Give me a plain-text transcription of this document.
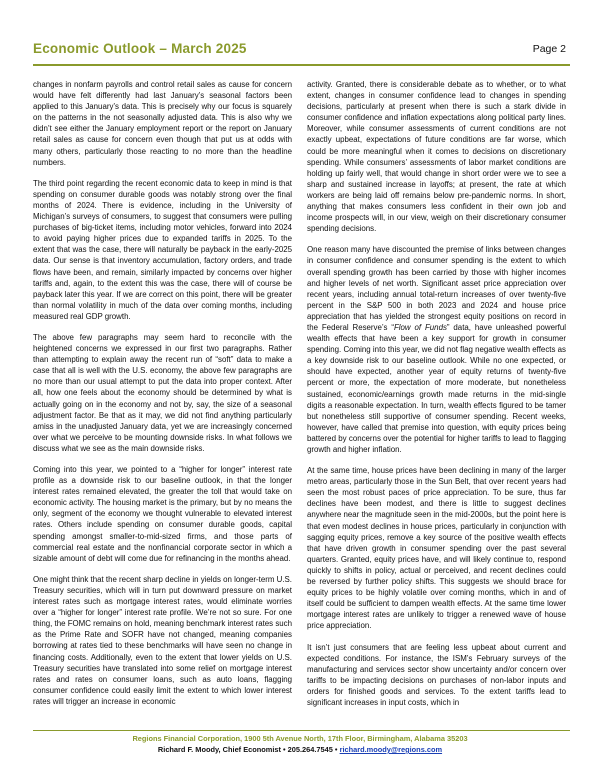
Economic Outlook – March 2025	Page 2

changes in nonfarm payrolls and control retail sales as cause for concern would have felt differently had last January’s seasonal factors been applied to this January’s data. This is precisely why our focus is squarely on the patterns in the not seasonally adjusted data. This is also why we didn’t see either the January employment report or the report on January retail sales as cause for concern even though that put us at odds with many others, particularly those reacting to no more than the headline numbers.

The third point regarding the recent economic data to keep in mind is that spending on consumer durable goods was notably strong over the final months of 2024. There is evidence, including in the University of Michigan’s surveys of consumers, to suggest that consumers were pulling purchases of big-ticket items, including motor vehicles, forward into 2024 to avoid paying higher prices due to expanded tariffs in 2025. To the extent that was the case, there will naturally be payback in the early-2025 data. Our sense is that inventory accumulation, factory orders, and trade flows have been, and remain, similarly impacted by concerns over higher tariffs and, again, to the extent this was the case, there will of course be payback later this year. If we are correct on this point, there will be greater than normal volatility in much of the data over coming months, including measured real GDP growth.

The above few paragraphs may seem hard to reconcile with the heightened concerns we expressed in our first two paragraphs. Rather than attempting to explain away the recent run of “soft” data to make a case that all is well with the U.S. economy, the above few paragraphs are no more than our usual attempt to put the data into proper context. After all, how one feels about the economy should be determined by what is actually going on in the economy and not by, say, the size of a seasonal adjustment factor. Be that as it may, we did not find anything particularly amiss in the unadjusted January data, yet we are increasingly concerned over what we perceive to be mounting downside risks. In what follows we discuss what we see as the main downside risks.

Coming into this year, we pointed to a “higher for longer” interest rate profile as a downside risk to our baseline outlook, in that the longer interest rates remained elevated, the greater the toll that would take on economic activity. The housing market is the primary, but by no means the only, segment of the economy we thought vulnerable to elevated interest rates. Others include spending on consumer durable goods, capital spending amongst smaller-to-mid-sized firms, and those parts of commercial real estate and the nonfinancial corporate sector in which a sizable amount of debt will come due for refinancing in the months ahead.

One might think that the recent sharp decline in yields on longer-term U.S. Treasury securities, which will in turn put downward pressure on market interest rates such as mortgage interest rates, would eliminate worries over a “higher for longer” interest rate profile. We’re not so sure. For one thing, the FOMC remains on hold, meaning benchmark interest rates such as the Prime Rate and SOFR have not changed, meaning companies borrowing at rates tied to these benchmarks will have seen no change in financing costs. Additionally, even to the extent that lower yields on U.S. Treasury securities have translated into some relief on mortgage interest rates and rates on consumer loans, such as auto loans, flagging consumer confidence could easily limit the extent to which lower interest rates will trigger an increase in economic

activity. Granted, there is considerable debate as to whether, or to what extent, changes in consumer confidence lead to changes in spending decisions, particularly at present when there is such a stark divide in consumer confidence and inflation expectations along political party lines. Moreover, while consumer assessments of current conditions are not exactly upbeat, expectations of future conditions are far worse, which could be more meaningful when it comes to decisions on discretionary spending. While consumers’ assessments of labor market conditions are holding up fairly well, that would change in short order were we to see a sharp and sustained increase in layoffs; at present, the rate at which workers are being laid off remains below pre-pandemic norms. In short, anything that makes consumers less confident in their own job and income prospects will, in our view, weigh on their discretionary consumer spending decisions.

One reason many have discounted the premise of links between changes in consumer confidence and consumer spending is the extent to which overall spending growth has been carried by those with higher incomes and higher levels of net worth. Significant asset price appreciation over recent years, including annual total-return increases of over twenty-five percent in the S&P 500 in both 2023 and 2024 and house price appreciation that has yielded the strongest equity positions on record in the Federal Reserve’s “Flow of Funds” data, have unleashed powerful wealth effects that have been a key support for growth in consumer spending. Coming into this year, we did not flag negative wealth effects as a key downside risk to our baseline outlook. While no one expected, or should have expected, another year of equity returns of twenty-five percent or more, the expectation of more moderate, but nonetheless sustained, economic/earnings growth made returns in the mid-single digits a reasonable expectation. In turn, wealth effects figured to be tamer but nonetheless still supportive of consumer spending. Recent weeks, however, have called that premise into question, with equity prices being battered by concerns over the potential for higher tariffs to lead to flagging growth and higher inflation.

At the same time, house prices have been declining in many of the larger metro areas, particularly those in the Sun Belt, that over recent years had seen the most robust paces of price appreciation. To be sure, thus far declines have been modest, and there is little to suggest declines anywhere near the magnitude seen in the mid-2000s, but the point here is that even modest declines in house prices, particularly in conjunction with sagging equity prices, remove a key source of the positive wealth effects that have driven growth in consumer spending over the past several quarters. Granted, equity prices have, and will likely continue to, respond quickly to shifts in policy, actual or perceived, and recent declines could be reversed by further policy shifts. This suggests we should brace for equity prices to be highly volatile over coming months, which in and of itself could be sufficient to dampen wealth effects. At the same time lower mortgage interest rates are unlikely to trigger a renewed wave of house price appreciation.

It isn’t just consumers that are feeling less upbeat about current and expected conditions. For instance, the ISM’s February surveys of the manufacturing and services sector show uncertainty and/or concern over tariffs to be impacting decisions on purchases of non-labor inputs and orders for finished goods and services. To the extent tariffs lead to significant increases in input costs, which in

Regions Financial Corporation, 1900 5th Avenue North, 17th Floor, Birmingham, Alabama 35203
Richard F. Moody, Chief Economist • 205.264.7545 • richard.moody@regions.com
